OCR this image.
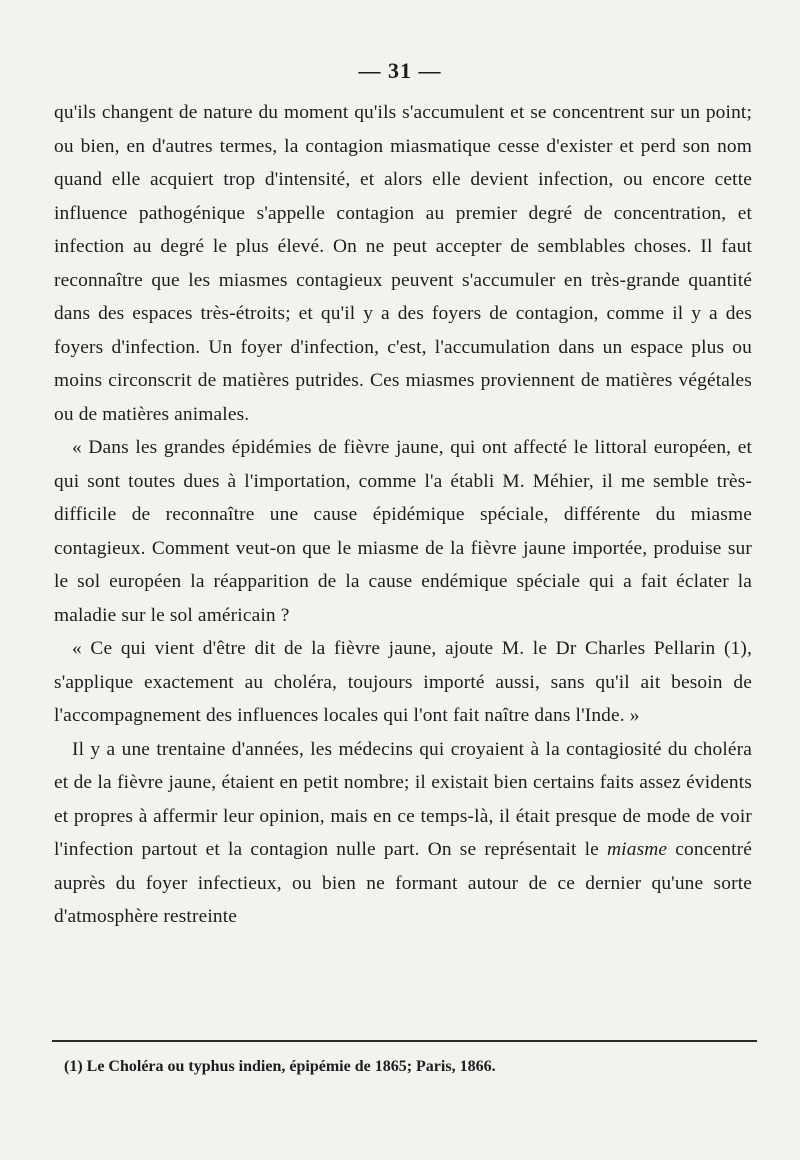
— 31 —

qu'ils changent de nature du moment qu'ils s'accumulent et se concentrent sur un point; ou bien, en d'autres termes, la contagion miasmatique cesse d'exister et perd son nom quand elle acquiert trop d'intensité, et alors elle devient infection, ou encore cette influence pathogénique s'appelle contagion au premier degré de concentration, et infection au degré le plus élevé. On ne peut accepter de semblables choses. Il faut reconnaître que les miasmes contagieux peuvent s'accumuler en très-grande quantité dans des espaces très-étroits; et qu'il y a des foyers de contagion, comme il y a des foyers d'infection. Un foyer d'infection, c'est, l'accumulation dans un espace plus ou moins circonscrit de matières putrides. Ces miasmes proviennent de matières végétales ou de matières animales.

« Dans les grandes épidémies de fièvre jaune, qui ont affecté le littoral européen, et qui sont toutes dues à l'importation, comme l'a établi M. Méhier, il me semble très-difficile de reconnaître une cause épidémique spéciale, différente du miasme contagieux. Comment veut-on que le miasme de la fièvre jaune importée, produise sur le sol européen la réapparition de la cause endémique spéciale qui a fait éclater la maladie sur le sol américain ?

« Ce qui vient d'être dit de la fièvre jaune, ajoute M. le Dr Charles Pellarin (1), s'applique exactement au choléra, toujours importé aussi, sans qu'il ait besoin de l'accompagnement des influences locales qui l'ont fait naître dans l'Inde. »

Il y a une trentaine d'années, les médecins qui croyaient à la contagiosité du choléra et de la fièvre jaune, étaient en petit nombre; il existait bien certains faits assez évidents et propres à affermir leur opinion, mais en ce temps-là, il était presque de mode de voir l'infection partout et la contagion nulle part. On se représentait le miasme concentré auprès du foyer infectieux, ou bien ne formant autour de ce dernier qu'une sorte d'atmosphère restreinte

(1) Le Choléra ou typhus indien, épipémie de 1865; Paris, 1866.
